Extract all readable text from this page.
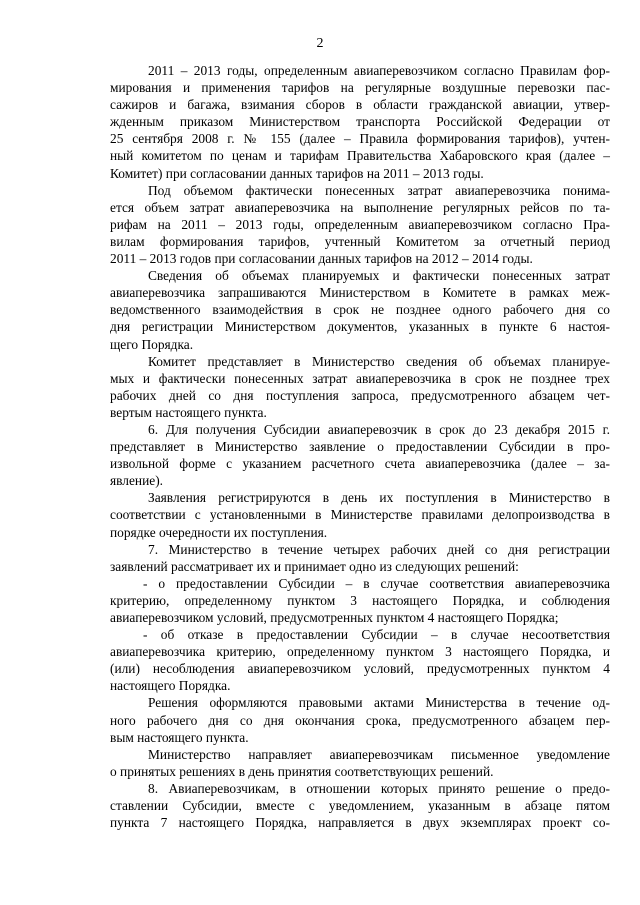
2
2011 – 2013 годы, определенным авиаперевозчиком согласно Правилам фор-
мирования и применения тарифов на регулярные воздушные перевозки пас-
сажиров и багажа, взимания сборов в области гражданской авиации, утвер-
жденным приказом Министерством транспорта Российской Федерации от
25 сентября 2008 г. № 155 (далее – Правила формирования тарифов), учтен-
ный комитетом по ценам и тарифам Правительства Хабаровского края (далее –
Комитет) при согласовании данных тарифов на 2011 – 2013 годы.
Под объемом фактически понесенных затрат авиаперевозчика понима-
ется объем затрат авиаперевозчика на выполнение регулярных рейсов по та-
рифам на 2011 – 2013 годы, определенным авиаперевозчиком согласно Пра-
вилам формирования тарифов, учтенный Комитетом за отчетный период
2011 – 2013 годов при согласовании данных тарифов на 2012 – 2014 годы.
Сведения об объемах планируемых и фактически понесенных затрат
авиаперевозчика запрашиваются Министерством в Комитете в рамках меж-
ведомственного взаимодействия в срок не позднее одного рабочего дня со
дня регистрации Министерством документов, указанных в пункте 6 настоя-
щего Порядка.
Комитет представляет в Министерство сведения об объемах планируе-
мых и фактически понесенных затрат авиаперевозчика в срок не позднее трех
рабочих дней со дня поступления запроса, предусмотренного абзацем чет-
вертым настоящего пункта.
6. Для получения Субсидии авиаперевозчик в срок до 23 декабря 2015 г.
представляет в Министерство заявление о предоставлении Субсидии в про-
извольной форме с указанием расчетного счета авиаперевозчика (далее – за-
явление).
Заявления регистрируются в день их поступления в Министерство в
соответствии с установленными в Министерстве правилами делопроизводства в
порядке очередности их поступления.
7. Министерство в течение четырех рабочих дней со дня регистрации
заявлений рассматривает их и принимает одно из следующих решений:
- о предоставлении Субсидии – в случае соответствия авиаперевозчика
критерию, определенному пунктом 3 настоящего Порядка, и соблюдения
авиаперевозчиком условий, предусмотренных пунктом 4 настоящего Порядка;
- об отказе в предоставлении Субсидии – в случае несоответствия
авиаперевозчика критерию, определенному пунктом 3 настоящего Порядка, и
(или) несоблюдения авиаперевозчиком условий, предусмотренных пунктом 4
настоящего Порядка.
Решения оформляются правовыми актами Министерства в течение од-
ного рабочего дня со дня окончания срока, предусмотренного абзацем пер-
вым настоящего пункта.
Министерство направляет авиаперевозчикам письменное уведомление
о принятых решениях в день принятия соответствующих решений.
8. Авиаперевозчикам, в отношении которых принято решение о предо-
ставлении Субсидии, вместе с уведомлением, указанным в абзаце пятом
пункта 7 настоящего Порядка, направляется в двух экземплярах проект со-
